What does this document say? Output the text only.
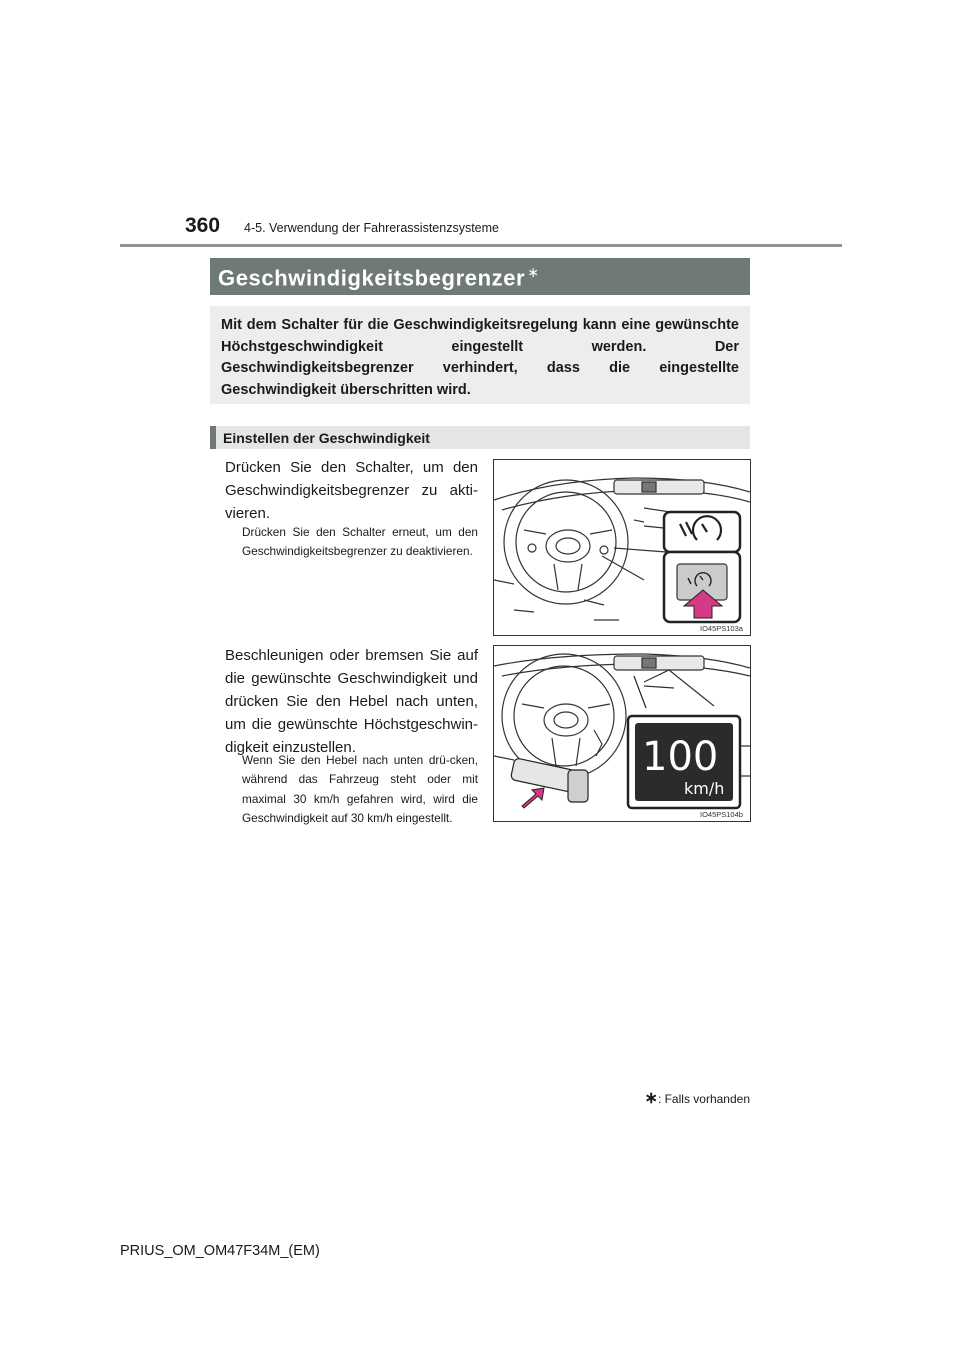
360 4-5. Verwendung der Fahrerassistenzsysteme
Geschwindigkeitsbegrenzer ∗
Mit dem Schalter für die Geschwindigkeitsregelung kann eine gewünschte Höchstgeschwindigkeit eingestellt werden. Der Geschwindigkeitsbegrenzer verhindert, dass die eingestellte Geschwindigkeit überschritten wird.
Einstellen der Geschwindigkeit
Drücken Sie den Schalter, um den Geschwindigkeitsbegrenzer zu akti-vieren.
Drücken Sie den Schalter erneut, um den Geschwindigkeitsbegrenzer zu deaktivieren.
IO45PS103a
Beschleunigen oder bremsen Sie auf die gewünschte Geschwindigkeit und drücken Sie den Hebel nach unten, um die gewünschte Höchstgeschwin-digkeit einzustellen.
Wenn Sie den Hebel nach unten drü-cken, während das Fahrzeug steht oder mit maximal 30 km/h gefahren wird, wird die Geschwindigkeit auf 30 km/h eingestellt.
100
km/h
IO45PS104b
∗: Falls vorhanden
PRIUS_OM_OM47F34M_(EM)
